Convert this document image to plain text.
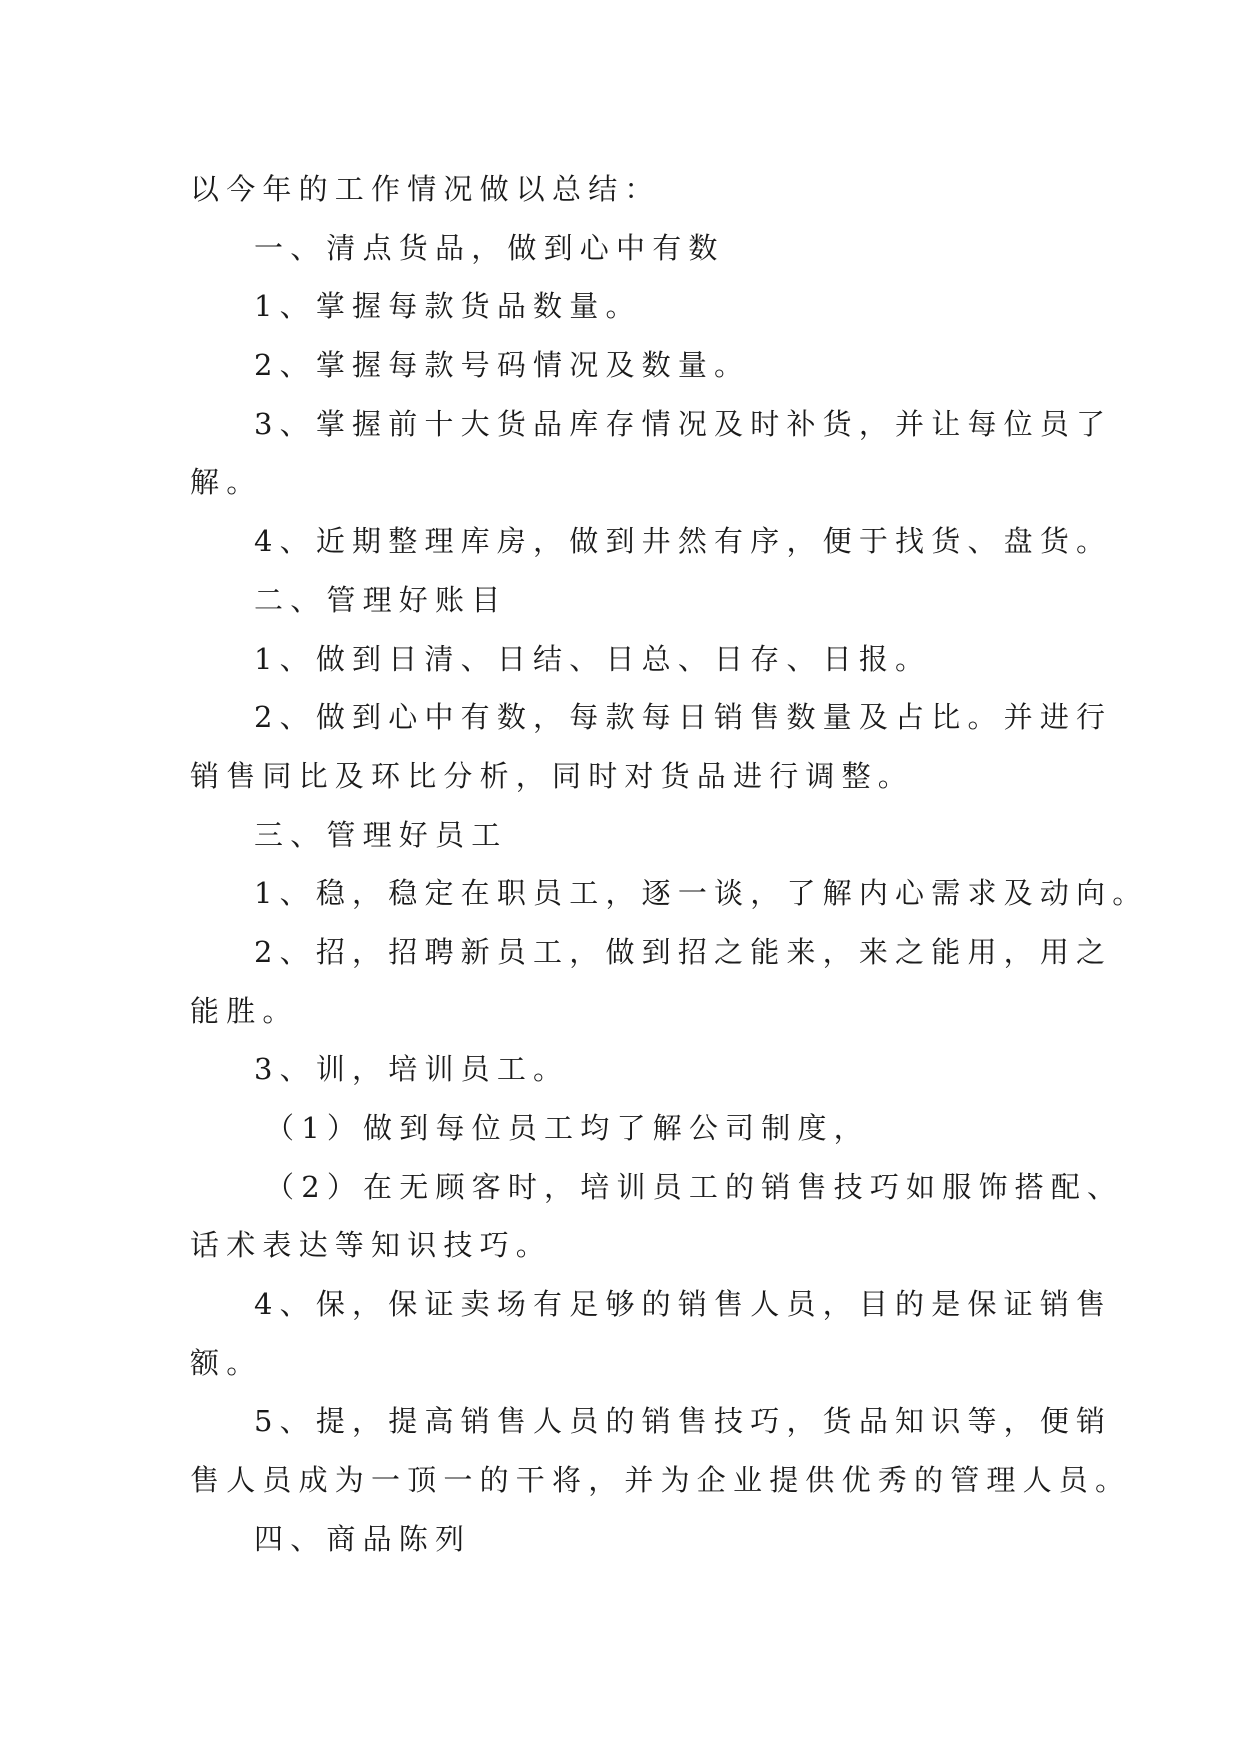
以今年的工作情况做以总结：
一、清点货品，做到心中有数
1、掌握每款货品数量。
2、掌握每款号码情况及数量。
3、掌握前十大货品库存情况及时补货，并让每位员了
解。
4、近期整理库房，做到井然有序，便于找货、盘货。
二、管理好账目
1、做到日清、日结、日总、日存、日报。
2、做到心中有数，每款每日销售数量及占比。并进行
销售同比及环比分析，同时对货品进行调整。
三、管理好员工
1、稳，稳定在职员工，逐一谈，了解内心需求及动向。
2、招，招聘新员工，做到招之能来，来之能用，用之
能胜。
3、训，培训员工。
（1）做到每位员工均了解公司制度，
（2）在无顾客时，培训员工的销售技巧如服饰搭配、
话术表达等知识技巧。
4、保，保证卖场有足够的销售人员，目的是保证销售
额。
5、提，提高销售人员的销售技巧，货品知识等，便销
售人员成为一顶一的干将，并为企业提供优秀的管理人员。
四、商品陈列
